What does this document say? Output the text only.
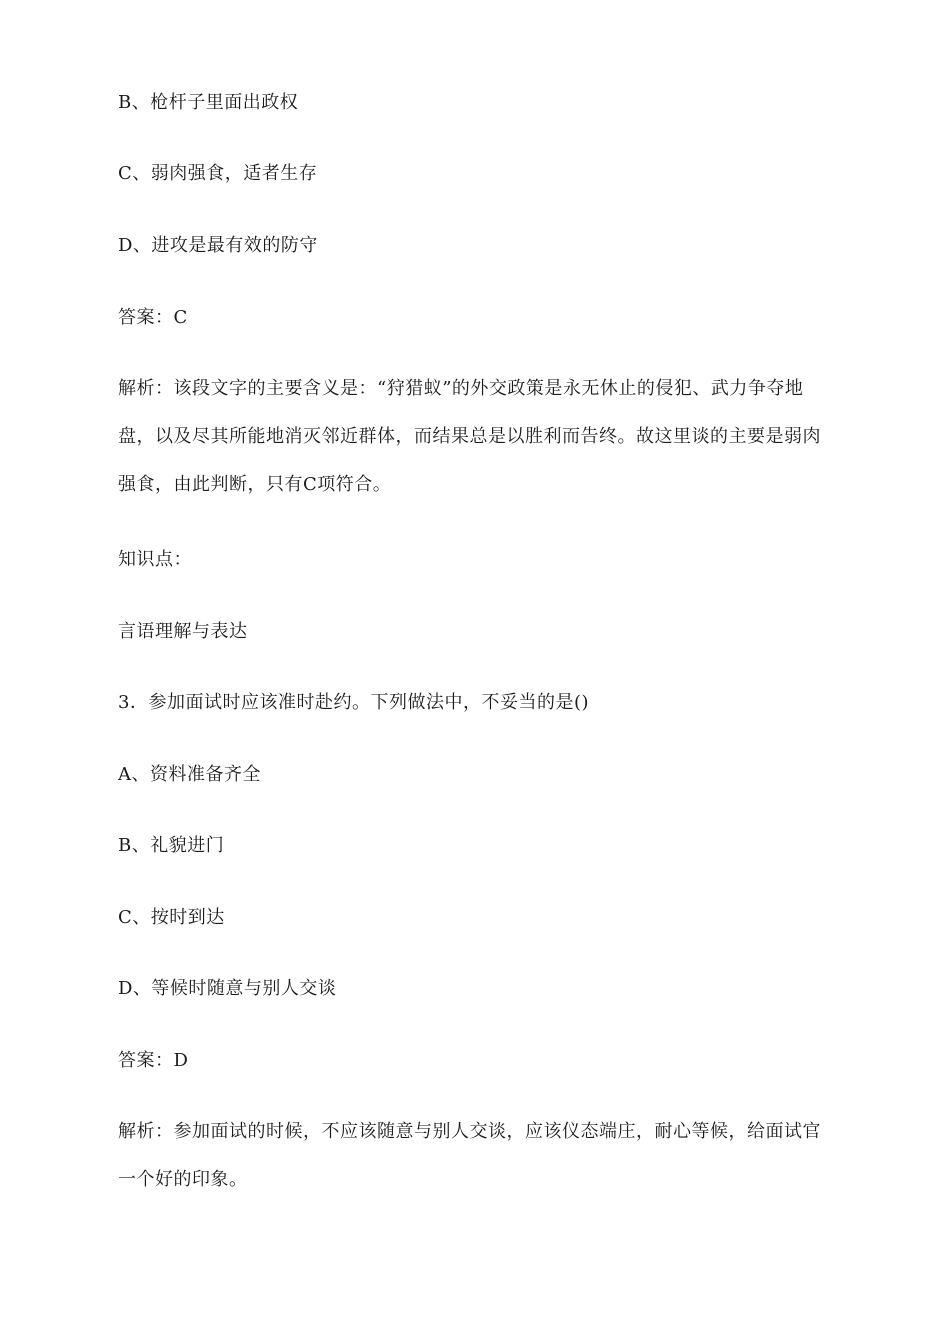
B、枪杆子里面出政权
C、弱肉强食，适者生存
D、进攻是最有效的防守
答案：C
解析：该段文字的主要含义是：“狩猎蚁”的外交政策是永无休止的侵犯、武力争夺地盘，以及尽其所能地消灭邻近群体，而结果总是以胜利而告终。故这里谈的主要是弱肉强食，由此判断，只有C项符合。
知识点：
言语理解与表达
3．参加面试时应该准时赴约。下列做法中，不妥当的是()
A、资料准备齐全
B、礼貌进门
C、按时到达
D、等候时随意与别人交谈
答案：D
解析：参加面试的时候，不应该随意与别人交谈，应该仪态端庄，耐心等候，给面试官一个好的印象。
